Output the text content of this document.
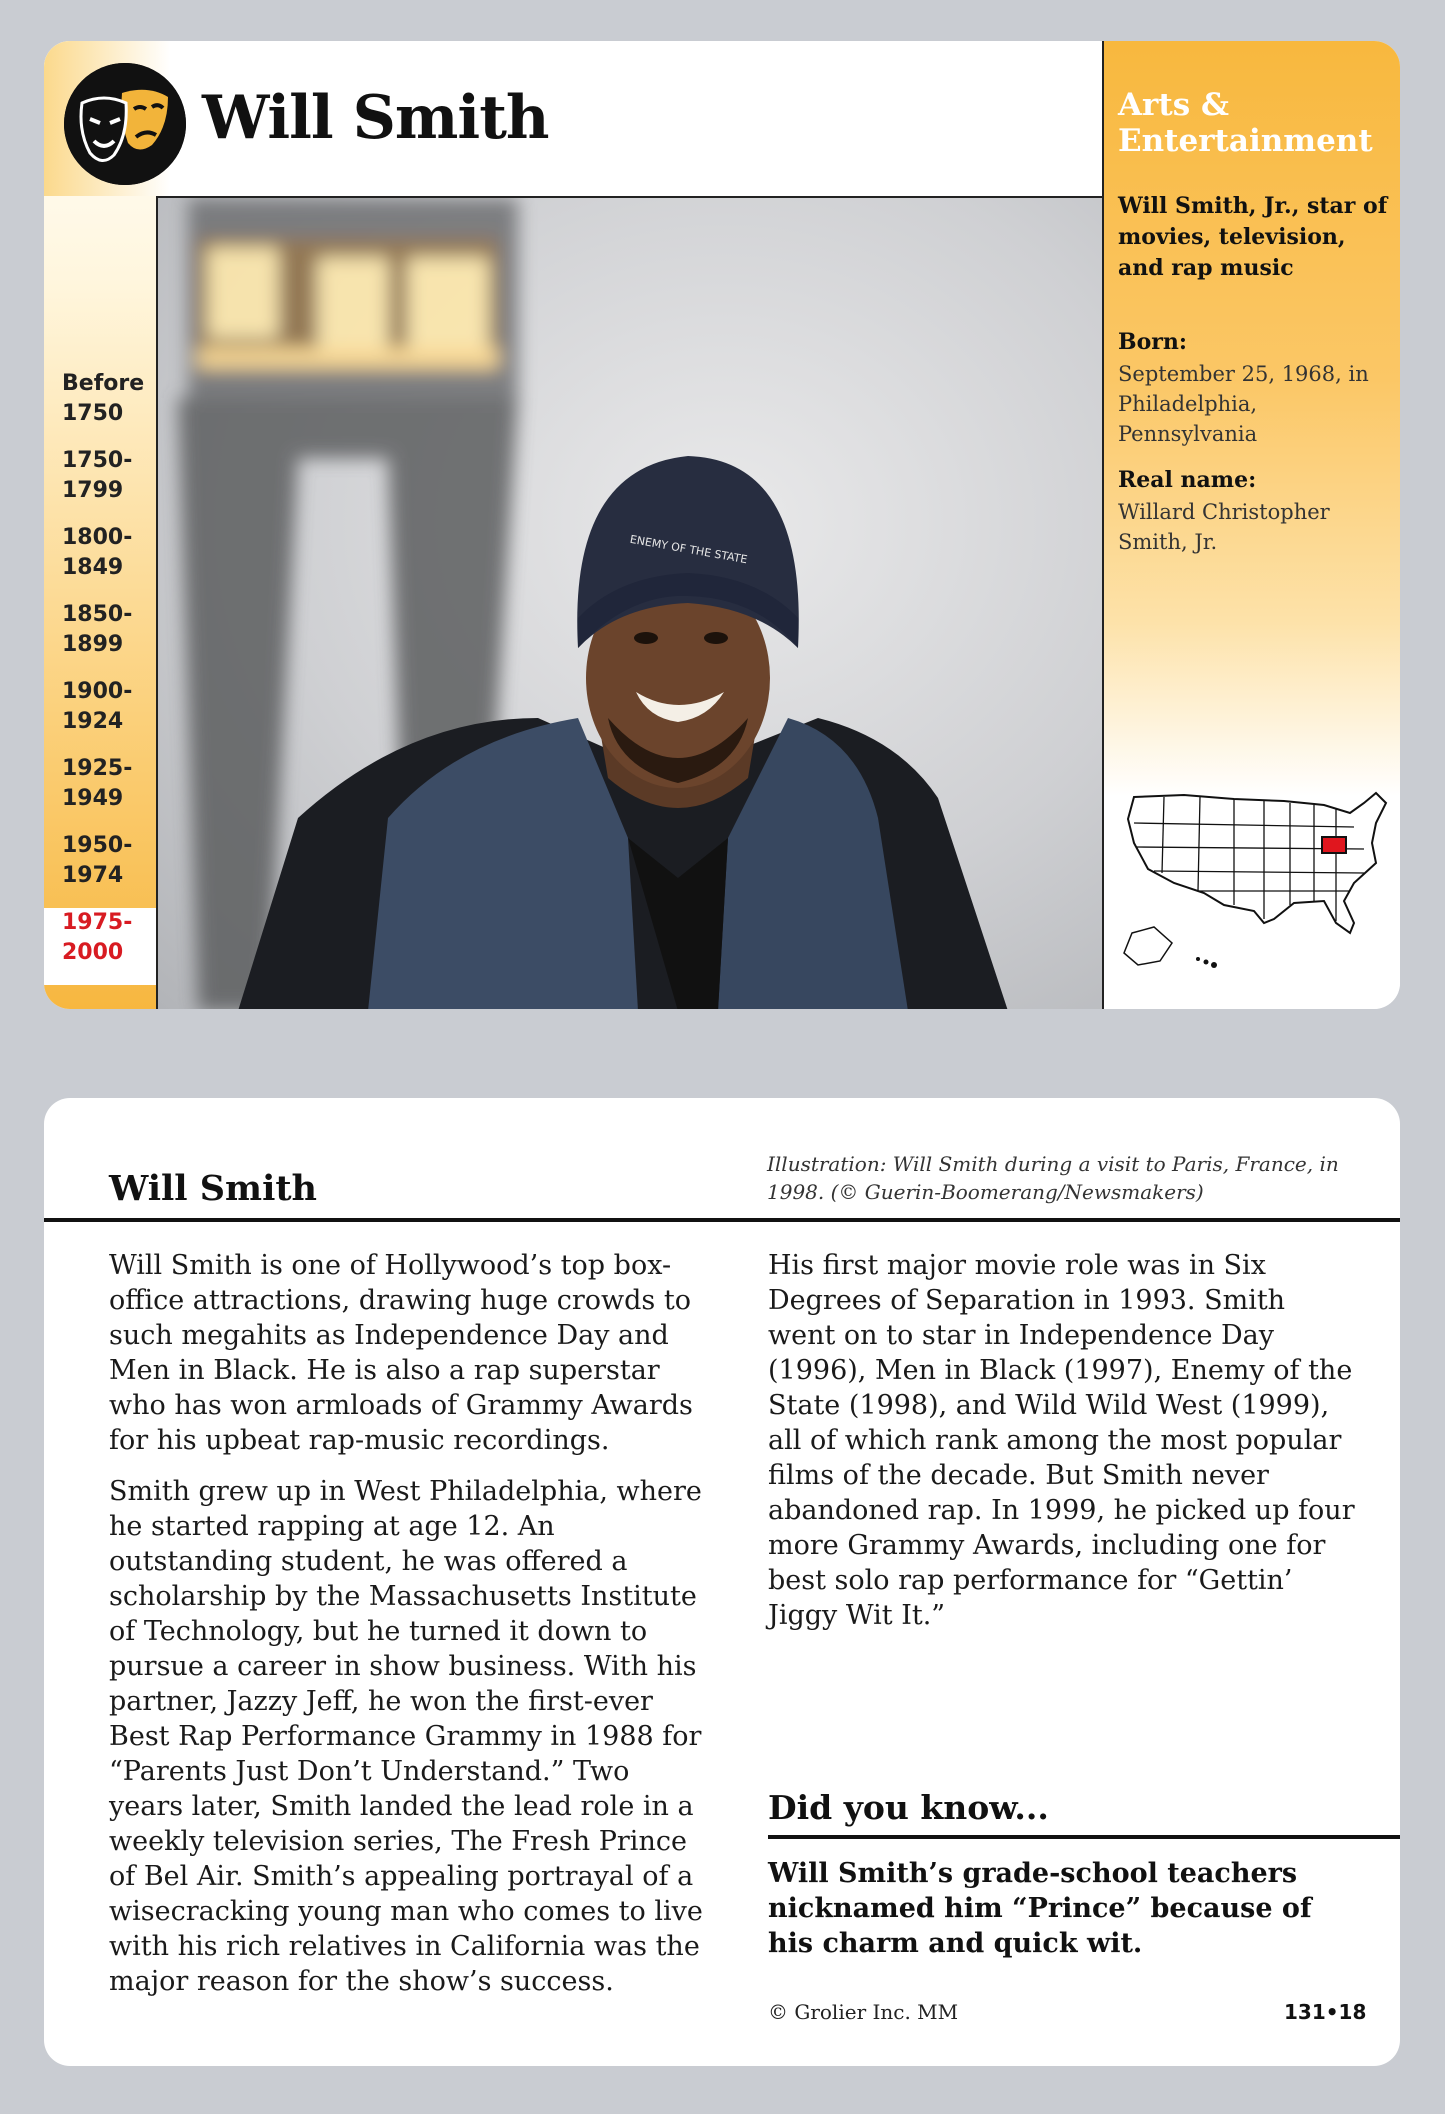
Will Smith
ENEMY OF THE STATE
Before
1750
1750-
1799
1800-
1849
1850-
1899
1900-
1924
1925-
1949
1950-
1974
1975-
2000
Arts & Entertainment
Will Smith, Jr., star of movies, television, and rap music
Born:
September 25, 1968, in Philadelphia, Pennsylvania
Real name:
Willard Christopher Smith, Jr.
Will Smith
Illustration: Will Smith during a visit to Paris, France, in 1998. (© Guerin-Boomerang/Newsmakers)

Will Smith is one of Hollywood’s top box-office attractions, drawing huge crowds to such megahits as Independence Day and Men in Black. He is also a rap superstar who has won armloads of Grammy Awards for his upbeat rap-music recordings.

Smith grew up in West Philadelphia, where he started rapping at age 12. An outstanding student, he was offered a scholarship by the Massachusetts Institute of Technology, but he turned it down to pursue a career in show business. With his partner, Jazzy Jeff, he won the first-ever Best Rap Performance Grammy in 1988 for “Parents Just Don’t Understand.” Two years later, Smith landed the lead role in a weekly television series, The Fresh Prince of Bel Air. Smith’s appealing portrayal of a wisecracking young man who comes to live with his rich relatives in California was the major reason for the show’s success.

His first major movie role was in Six Degrees of Separation in 1993. Smith went on to star in Independence Day (1996), Men in Black (1997), Enemy of the State (1998), and Wild Wild West (1999), all of which rank among the most popular films of the decade. But Smith never abandoned rap. In 1999, he picked up four more Grammy Awards, including one for best solo rap performance for “Gettin’ Jiggy Wit It.”

Did you know...
Will Smith’s grade-school teachers nicknamed him “Prince” because of his charm and quick wit.
© Grolier Inc. MM	131•18
